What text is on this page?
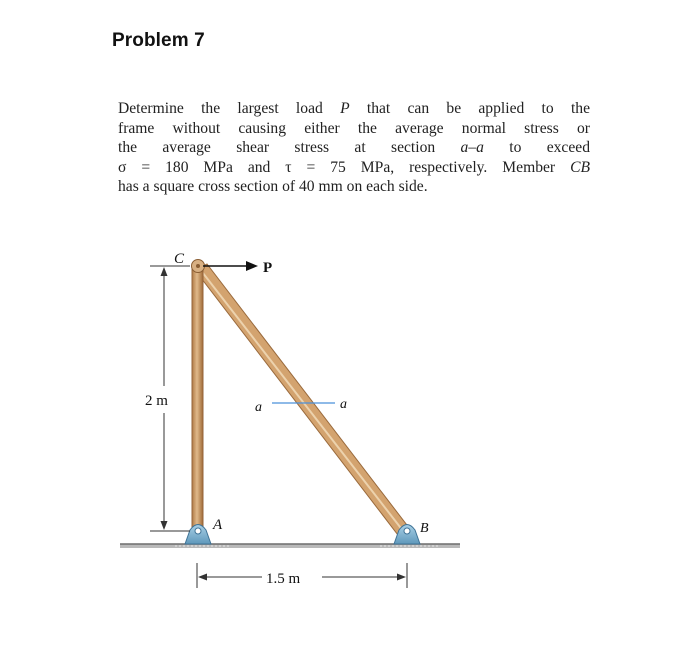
Problem 7
Determine the largest load P that can be applied to the
frame without causing either the average normal stress or
the average shear stress at section a–a to exceed
σ = 180 MPa and τ = 75 MPa, respectively. Member CB
has a square cross section of 40 mm on each side.
C
P
a	a
2 m
A	B
1.5 m
